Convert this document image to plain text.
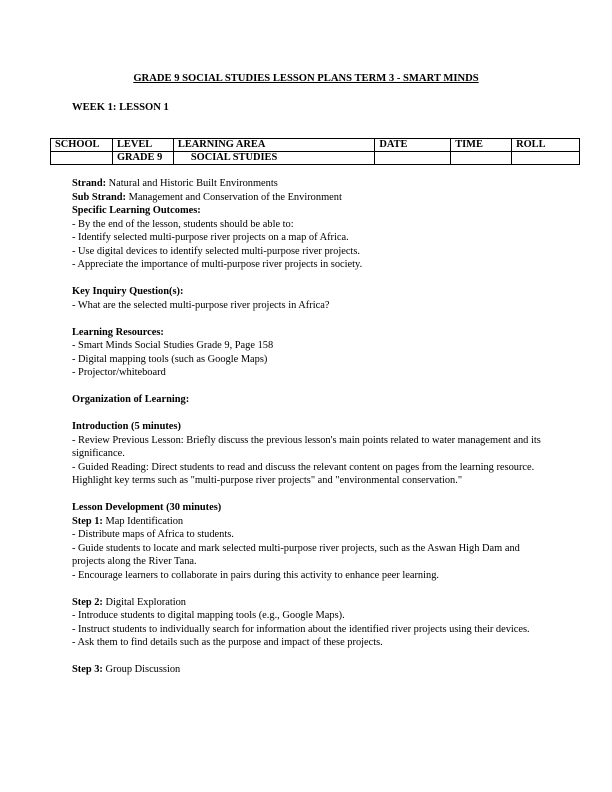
GRADE 9 SOCIAL STUDIES LESSON PLANS TERM 3 - SMART MINDS
WEEK 1: LESSON 1
SCHOOL	LEVEL	LEARNING AREA	DATE	TIME	ROLL
	GRADE 9	SOCIAL STUDIES			
Strand: Natural and Historic Built Environments
Sub Strand: Management and Conservation of the Environment
Specific Learning Outcomes:
- By the end of the lesson, students should be able to:
- Identify selected multi-purpose river projects on a map of Africa.
- Use digital devices to identify selected multi-purpose river projects.
- Appreciate the importance of multi-purpose river projects in society.
Key Inquiry Question(s):
- What are the selected multi-purpose river projects in Africa?
Learning Resources:
- Smart Minds Social Studies Grade 9, Page 158
- Digital mapping tools (such as Google Maps)
- Projector/whiteboard
Organization of Learning:
Introduction (5 minutes)
- Review Previous Lesson: Briefly discuss the previous lesson's main points related to water management and its significance.
- Guided Reading: Direct students to read and discuss the relevant content on pages from the learning resource. Highlight key terms such as "multi-purpose river projects" and "environmental conservation."
Lesson Development (30 minutes)
Step 1: Map Identification
- Distribute maps of Africa to students.
- Guide students to locate and mark selected multi-purpose river projects, such as the Aswan High Dam and projects along the River Tana.
- Encourage learners to collaborate in pairs during this activity to enhance peer learning.
Step 2: Digital Exploration
- Introduce students to digital mapping tools (e.g., Google Maps).
- Instruct students to individually search for information about the identified river projects using their devices.
- Ask them to find details such as the purpose and impact of these projects.
Step 3: Group Discussion
